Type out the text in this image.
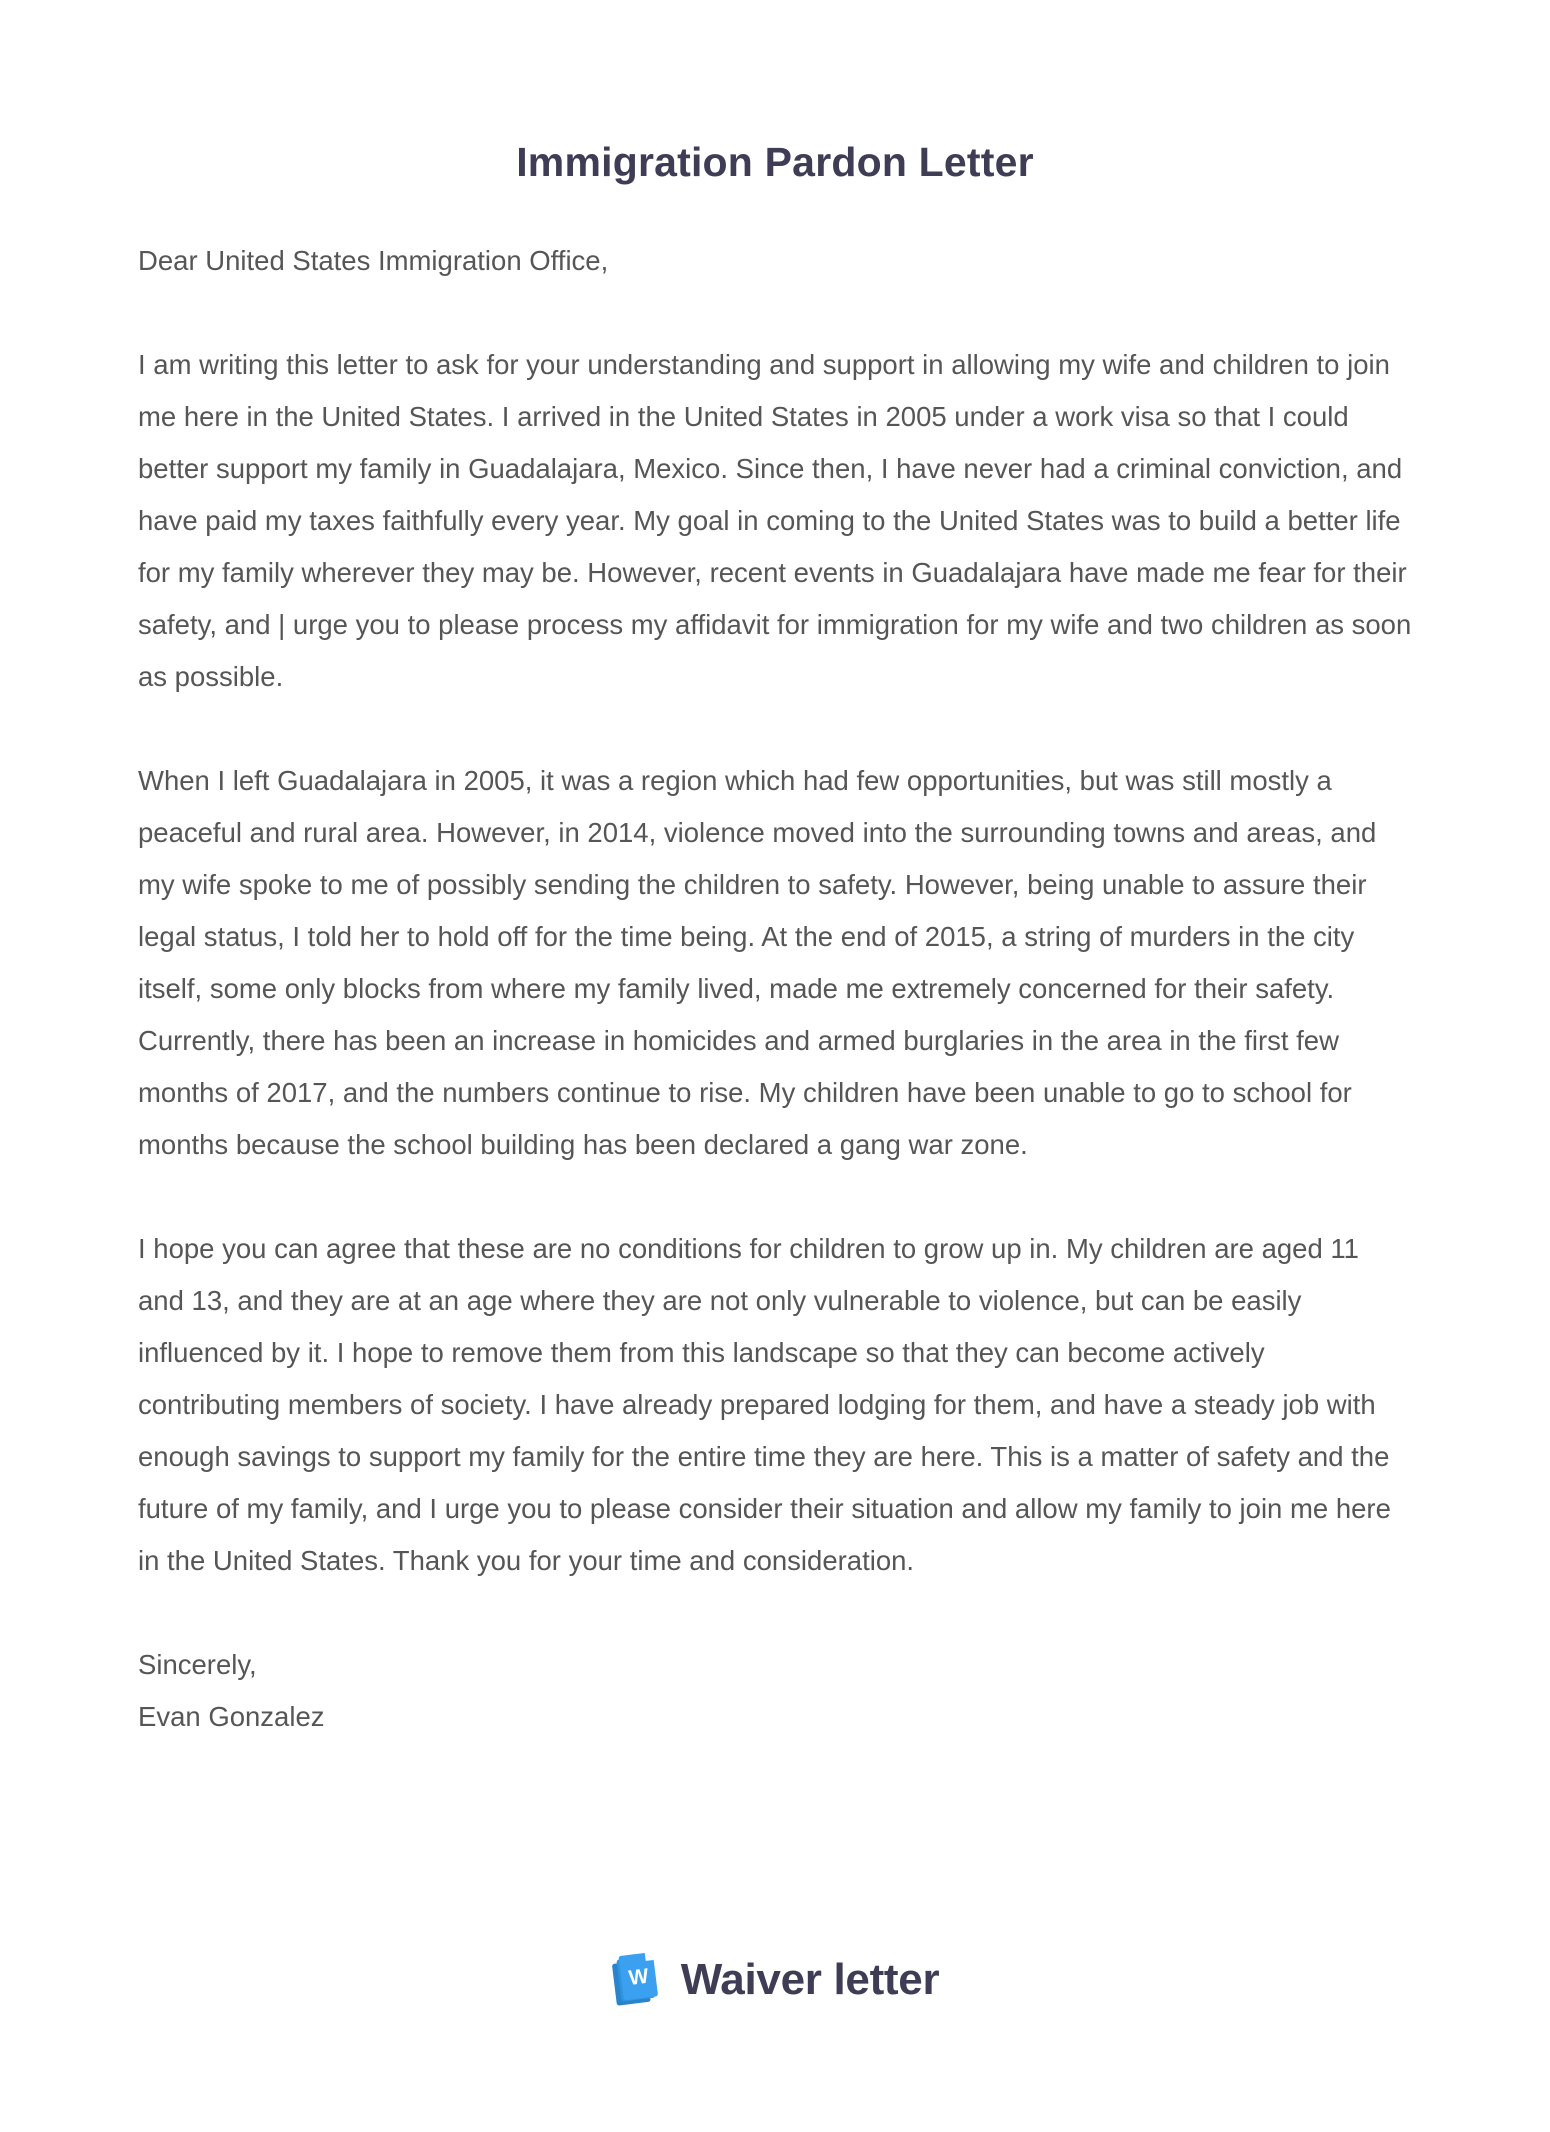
Immigration Pardon Letter

Dear United States Immigration Office,

I am writing this letter to ask for your understanding and support in allowing my wife and children to join me here in the United States. I arrived in the United States in 2005 under a work visa so that I could better support my family in Guadalajara, Mexico. Since then, I have never had a criminal conviction, and have paid my taxes faithfully every year. My goal in coming to the United States was to build a better life for my family wherever they may be. However, recent events in Guadalajara have made me fear for their safety, and | urge you to please process my affidavit for immigration for my wife and two children as soon as possible.

When I left Guadalajara in 2005, it was a region which had few opportunities, but was still mostly a peaceful and rural area. However, in 2014, violence moved into the surrounding towns and areas, and my wife spoke to me of possibly sending the children to safety. However, being unable to assure their legal status, I told her to hold off for the time being. At the end of 2015, a string of murders in the city itself, some only blocks from where my family lived, made me extremely concerned for their safety. Currently, there has been an increase in homicides and armed burglaries in the area in the first few months of 2017, and the numbers continue to rise. My children have been unable to go to school for months because the school building has been declared a gang war zone.

I hope you can agree that these are no conditions for children to grow up in. My children are aged 11 and 13, and they are at an age where they are not only vulnerable to violence, but can be easily influenced by it. I hope to remove them from this landscape so that they can become actively contributing members of society. I have already prepared lodging for them, and have a steady job with enough savings to support my family for the entire time they are here. This is a matter of safety and the future of my family, and I urge you to please consider their situation and allow my family to join me here in the United States. Thank you for your time and consideration.

Sincerely,

Evan Gonzalez

W Waiver letter
